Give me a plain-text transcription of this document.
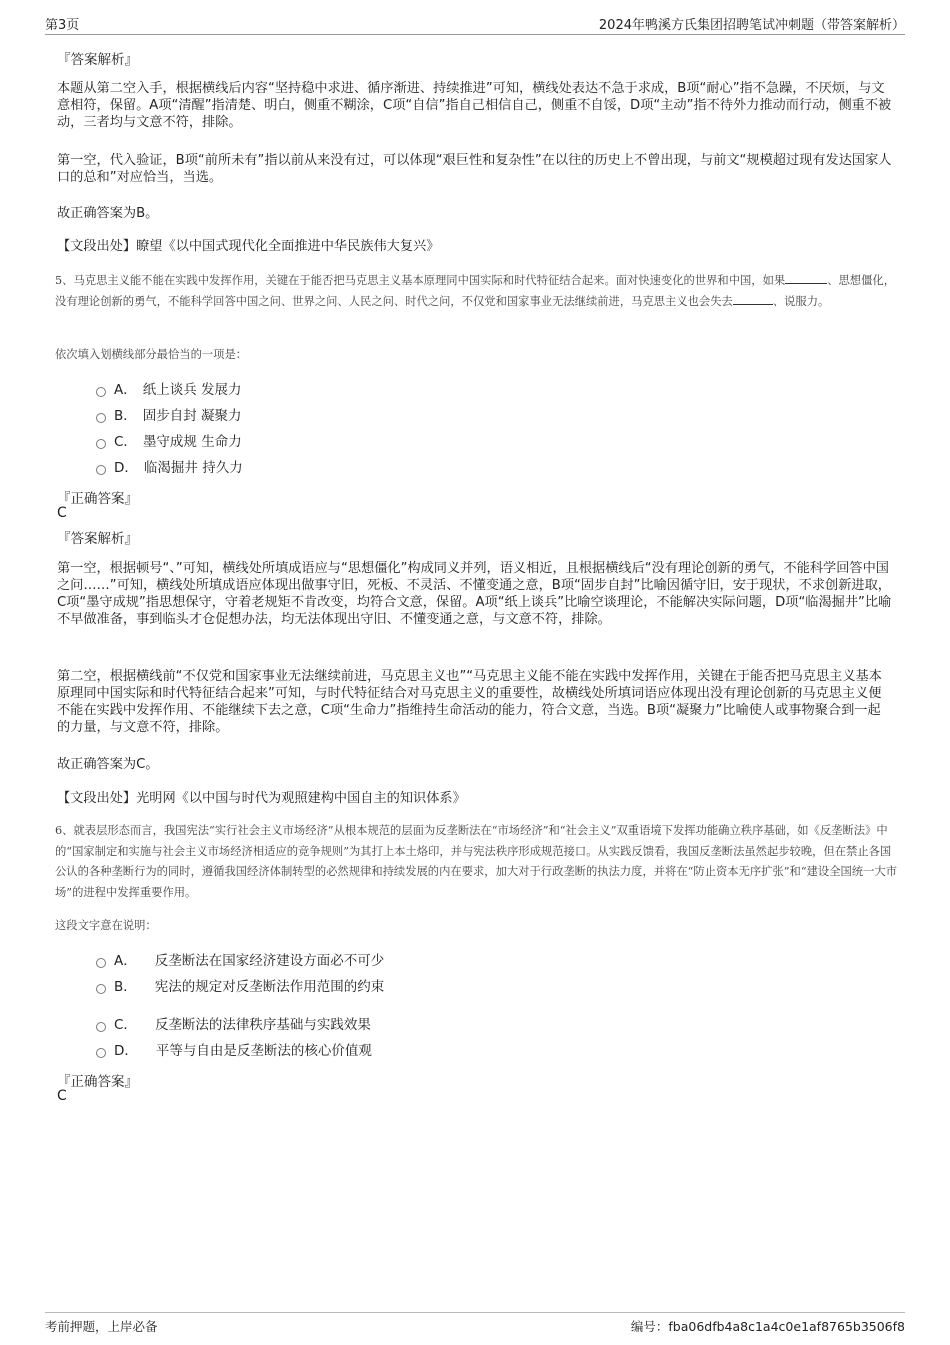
第3页	2024年鸭溪方氏集团招聘笔试冲刺题（带答案解析）
『答案解析』
本题从第二空入手，根据横线后内容“坚持稳中求进、循序渐进、持续推进”可知，横线处表达不急于求成，B项“耐心”指不急躁，不厌烦，与文意相符，保留。A项“清醒”指清楚、明白，侧重不糊涂，C项“自信”指自己相信自己，侧重不自馁，D项“主动”指不待外力推动而行动，侧重不被动，三者均与文意不符，排除。
第一空，代入验证，B项“前所未有”指以前从来没有过，可以体现“艰巨性和复杂性”在以往的历史上不曾出现，与前文“规模超过现有发达国家人口的总和”对应恰当，当选。
故正确答案为B。
【文段出处】瞭望《以中国式现代化全面推进中华民族伟大复兴》
5、马克思主义能不能在实践中发挥作用，关键在于能否把马克思主义基本原理同中国实际和时代特征结合起来。面对快速变化的世界和中国，如果	、思想僵化，没有理论创新的勇气，不能科学回答中国之问、世界之问、人民之问、时代之问，不仅党和国家事业无法继续前进，马克思主义也会失去	、说服力。
依次填入划横线部分最恰当的一项是：
A． 纸上谈兵 发展力
B． 固步自封 凝聚力
C． 墨守成规 生命力
D． 临渴掘井 持久力
『正确答案』
C
『答案解析』
第一空，根据顿号“、”可知，横线处所填成语应与“思想僵化”构成同义并列，语义相近，且根据横线后“没有理论创新的勇气，不能科学回答中国之问……”可知，横线处所填成语应体现出做事守旧，死板、不灵活、不懂变通之意，B项“固步自封”比喻因循守旧，安于现状，不求创新进取，C项“墨守成规”指思想保守，守着老规矩不肯改变，均符合文意，保留。A项“纸上谈兵”比喻空谈理论，不能解决实际问题，D项“临渴掘井”比喻不早做准备，事到临头才仓促想办法，均无法体现出守旧、不懂变通之意，与文意不符，排除。
第二空，根据横线前“不仅党和国家事业无法继续前进，马克思主义也”“马克思主义能不能在实践中发挥作用，关键在于能否把马克思主义基本原理同中国实际和时代特征结合起来”可知，与时代特征结合对马克思主义的重要性，故横线处所填词语应体现出没有理论创新的马克思主义便不能在实践中发挥作用、不能继续下去之意，C项“生命力”指维持生命活动的能力，符合文意，当选。B项“凝聚力”比喻使人或事物聚合到一起的力量，与文意不符，排除。
故正确答案为C。
【文段出处】光明网《以中国与时代为观照建构中国自主的知识体系》
6、就表层形态而言，我国宪法“实行社会主义市场经济”从根本规范的层面为反垄断法在“市场经济”和“社会主义”双重语境下发挥功能确立秩序基础，如《反垄断法》中的“国家制定和实施与社会主义市场经济相适应的竞争规则”为其打上本土烙印，并与宪法秩序形成规范接口。从实践反馈看，我国反垄断法虽然起步较晚，但在禁止各国公认的各种垄断行为的同时，遵循我国经济体制转型的必然规律和持续发展的内在要求，加大对于行政垄断的执法力度，并将在“防止资本无序扩张”和“建设全国统一大市场”的进程中发挥重要作用。
这段文字意在说明：
A． 反垄断法在国家经济建设方面必不可少
B． 宪法的规定对反垄断法作用范围的约束
C． 反垄断法的法律秩序基础与实践效果
D． 平等与自由是反垄断法的核心价值观
『正确答案』
C
考前押题，上岸必备	编号：fba06dfb4a8c1a4c0e1af8765b3506f8
